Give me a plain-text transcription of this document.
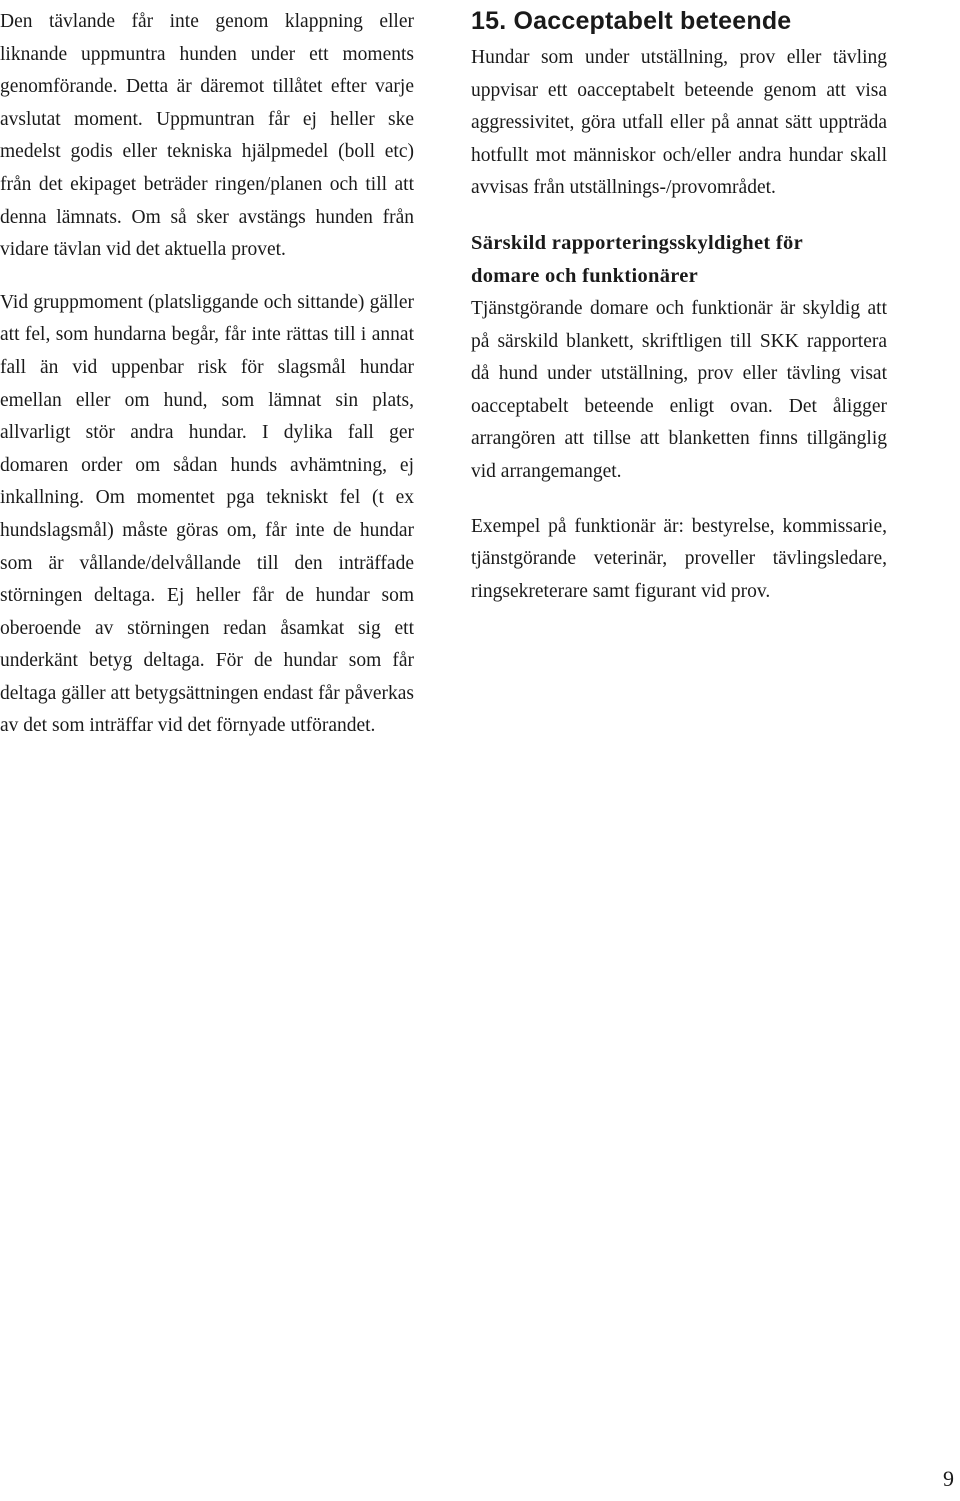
Den tävlande får inte genom klappning eller liknande uppmuntra hunden under ett moments genomförande. Detta är däremot tillåtet efter varje avslutat moment. Uppmuntran får ej heller ske medelst godis eller tekniska hjälpmedel (boll etc) från det ekipaget beträder ringen/planen och till att denna lämnats. Om så sker avstängs hunden från vidare tävlan vid det aktuella provet.

Vid gruppmoment (platsliggande och sittande) gäller att fel, som hundarna begår, får inte rättas till i annat fall än vid uppenbar risk för slagsmål hundar emellan eller om hund, som lämnat sin plats, allvarligt stör andra hundar. I dylika fall ger domaren order om sådan hunds avhämtning, ej inkallning. Om momentet pga tekniskt fel (t ex hundslagsmål) måste göras om, får inte de hundar som är vållande/delvållande till den inträffade störningen deltaga. Ej heller får de hundar som oberoende av störningen redan åsamkat sig ett underkänt betyg deltaga. För de hundar som får deltaga gäller att betygsättningen endast får påverkas av det som inträffar vid det förnyade utförandet.

15. Oacceptabelt beteende

Hundar som under utställning, prov eller tävling uppvisar ett oacceptabelt beteende genom att visa aggressivitet, göra utfall eller på annat sätt uppträda hotfullt mot människor och/eller andra hundar skall avvisas från utställnings-/provområdet.

Särskild rapporteringsskyldighet för
domare och funktionärer

Tjänstgörande domare och funktionär är skyldig att på särskild blankett, skriftligen till SKK rapportera då hund under utställning, prov eller tävling visat oacceptabelt beteende enligt ovan. Det åligger arrangören att tillse att blanketten finns tillgänglig vid arrangemanget.

Exempel på funktionär är: bestyrelse, kommissarie, tjänstgörande veterinär, proveller tävlingsledare, ringsekreterare samt figurant vid prov.

9
